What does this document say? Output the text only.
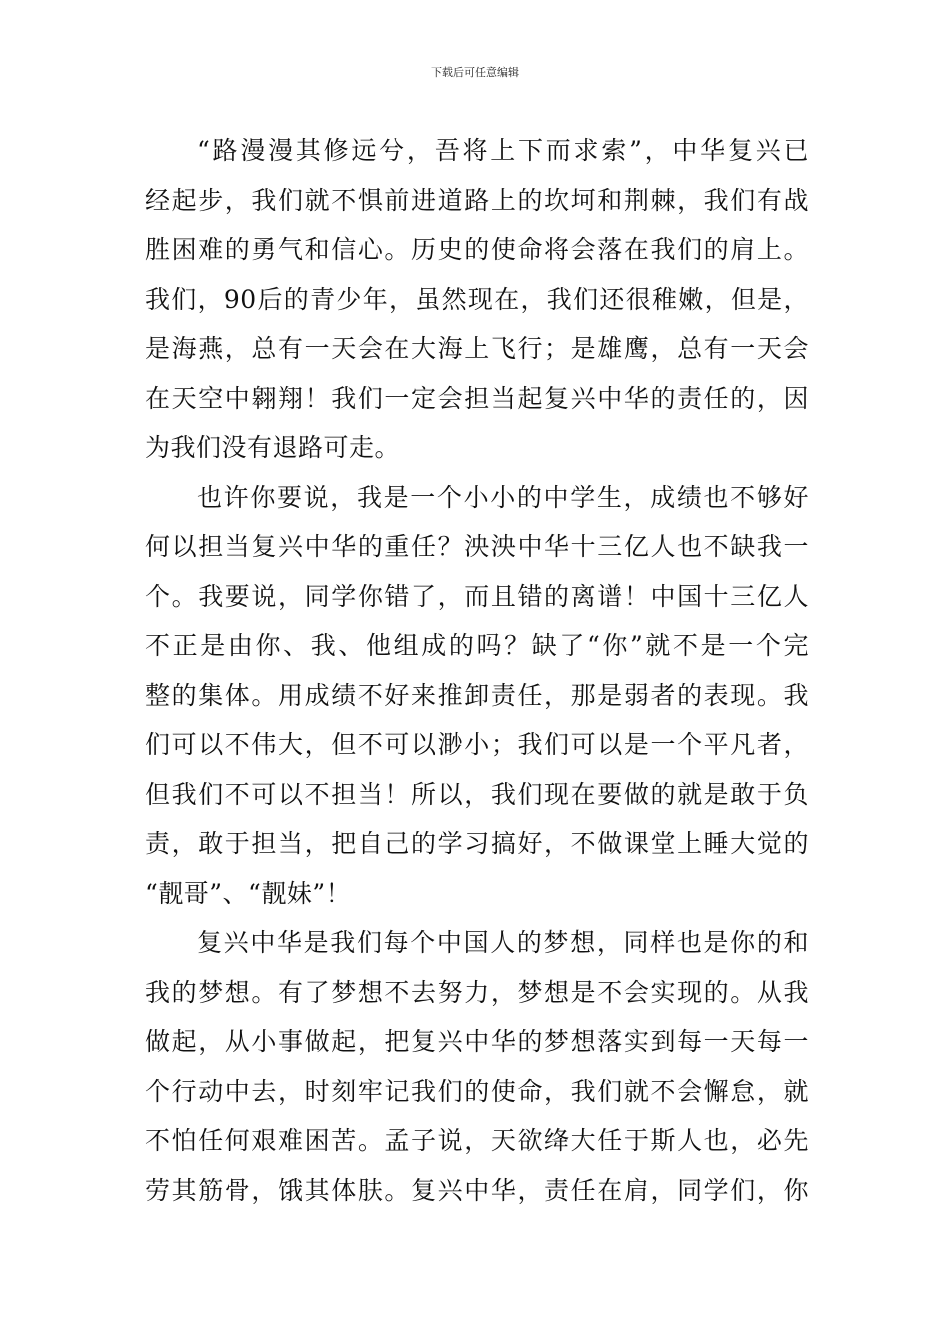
下载后可任意编辑
“路漫漫其修远兮，吾将上下而求索”，中华复兴已
经起步，我们就不惧前进道路上的坎坷和荆棘，我们有战
胜困难的勇气和信心。历史的使命将会落在我们的肩上。
我们，90后的青少年，虽然现在，我们还很稚嫩，但是，
是海燕，总有一天会在大海上飞行；是雄鹰，总有一天会
在天空中翱翔！我们一定会担当起复兴中华的责任的，因
为我们没有退路可走。
也许你要说，我是一个小小的中学生，成绩也不够好
何以担当复兴中华的重任？泱泱中华十三亿人也不缺我一
个。我要说，同学你错了，而且错的离谱！中国十三亿人
不正是由你、我、他组成的吗？缺了“你”就不是一个完
整的集体。用成绩不好来推卸责任，那是弱者的表现。我
们可以不伟大，但不可以渺小；我们可以是一个平凡者，
但我们不可以不担当！所以，我们现在要做的就是敢于负
责，敢于担当，把自己的学习搞好，不做课堂上睡大觉的
“靓哥”、“靓妹”！
复兴中华是我们每个中国人的梦想，同样也是你的和
我的梦想。有了梦想不去努力，梦想是不会实现的。从我
做起，从小事做起，把复兴中华的梦想落实到每一天每一
个行动中去，时刻牢记我们的使命，我们就不会懈怠，就
不怕任何艰难困苦。孟子说，天欲绛大任于斯人也，必先
劳其筋骨，饿其体肤。复兴中华，责任在肩，同学们，你
